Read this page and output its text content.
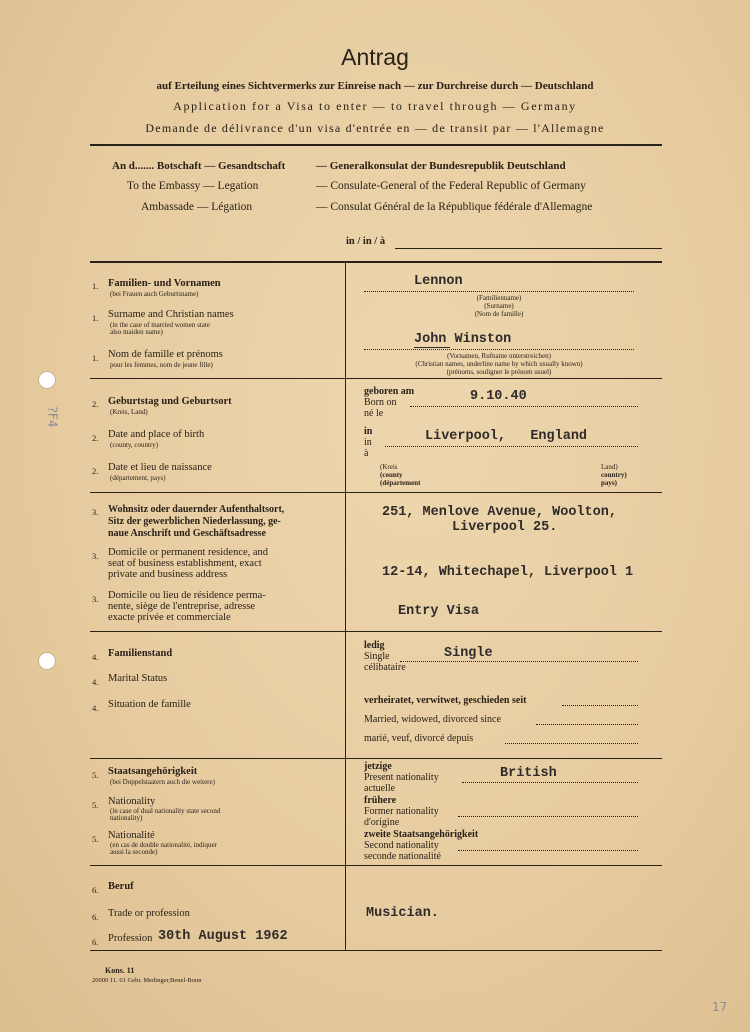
?F4
17
Antrag
auf Erteilung eines Sichtvermerks zur Einreise nach — zur Durchreise durch — Deutschland
Application for a Visa to enter — to travel through — Germany
Demande de délivrance d'un visa d'entrée en — de transit par — l'Allemagne
An d....... Botschaft — Gesandtschaft
To the Embassy — Legation
Ambassade — Légation
— Generalkonsulat der Bundesrepublik Deutschland
— Consulate-General of the Federal Republic of Germany
— Consulat Général de la République fédérale d'Allemagne
in / in / à
1. Familien- und Vornamen
(bei Frauen auch Geburtsname)
1. Surname and Christian names
(in the case of married women state
also maiden name)
1. Nom de famille et prénoms
pour les femmes, nom de jeune fille)
Lennon
(Familienname)
(Surname)
(Nom de famille)
John Winston
(Vornamen, Rufname unterstreichen)
(Christian names, underline name by which usually known)
(prénoms, souligner le prénom usuel)
2. Geburtstag und Geburtsort
(Kreis, Land)
2. Date and place of birth
(county, country)
2. Date et lieu de naissance
(département, pays)
geboren am
Born on
né le
9.10.40
in
in
à
Liverpool,   England
(Kreis
(county
(département
Land)
country)
pays)
3. Wohnsitz oder dauernder Aufenthaltsort,
Sitz der gewerblichen Niederlassung, ge-
naue Anschrift und Geschäftsadresse
3. Domicile or permanent residence, and
seat of business establishment, exact
private and business address
3. Domicile ou lieu de résidence perma-
nente, siège de l'entreprise, adresse
exacte privée et commerciale
251, Menlove Avenue, Woolton,
Liverpool 25.
12-14, Whitechapel, Liverpool 1
Entry Visa
4. Familienstand
4. Marital Status
4. Situation de famille
ledig
Single
célibataire
Single
verheiratet, verwitwet, geschieden seit
Married, widowed, divorced since
marié, veuf, divorcé depuis
5. Staatsangehörigkeit
(bei Doppelstaatern auch die weitere)
5. Nationality
(in case of dual nationality state second
nationality)
5. Nationalité
(en cas de double nationalité, indiquer
aussi la seconde)
jetzige
Present nationality
actuelle
British
frühere
Former nationality
d'origine
zweite Staatsangehörigkeit
Second nationality
seconde nationalité
6. Beruf
6. Trade or profession
6. Profession 30th August 1962
Musician.
Kons. 11
20000 11. 61 Gebr. Medinger,Beuel-Bonn
